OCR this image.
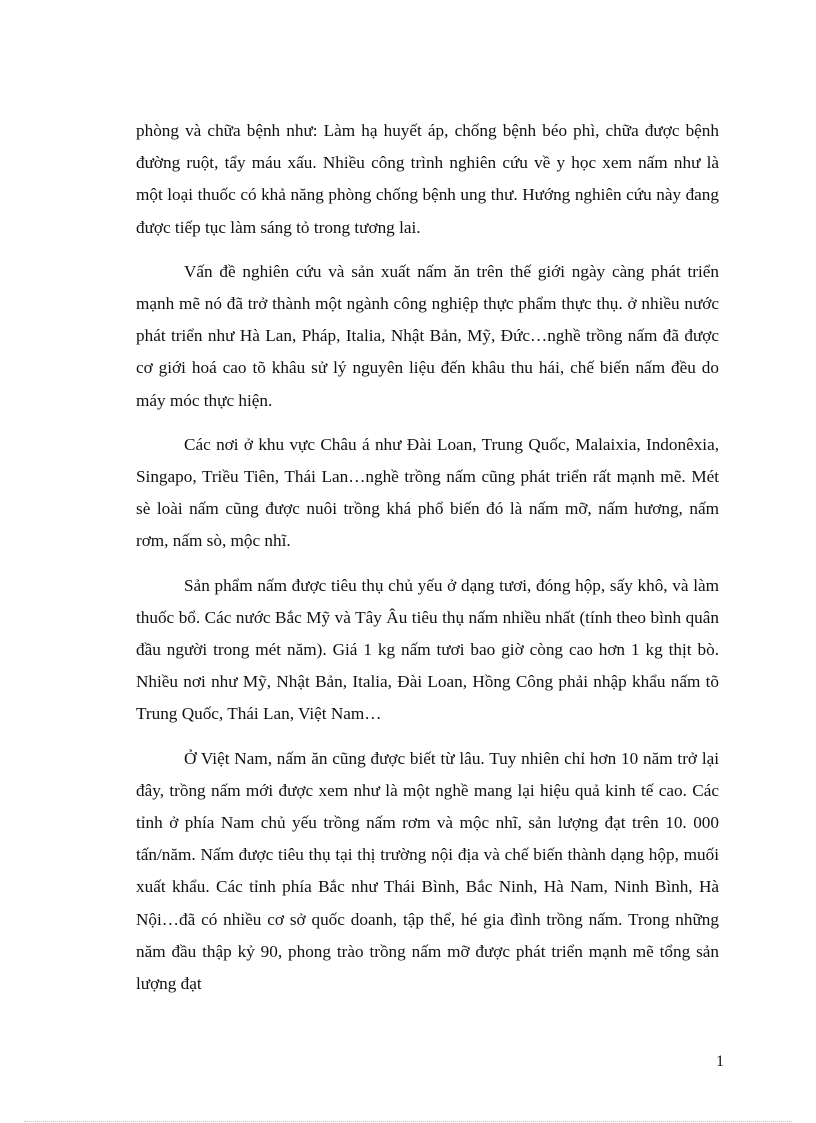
phòng và chữa bệnh như: Làm hạ huyết áp, chống bệnh béo phì, chữa được bệnh đường ruột, tẩy máu xấu. Nhiều công trình nghiên cứu về y học xem nấm như là một loại thuốc có khả năng phòng chống bệnh ung thư. Hướng nghiên cứu này đang được tiếp tục làm sáng tỏ trong tương lai.

Vấn đề nghiên cứu và sản xuất nấm ăn trên thế giới ngày càng phát triển mạnh mẽ nó đã trở thành một ngành công nghiệp thực phẩm thực thụ. ở nhiều nước phát triển như Hà Lan, Pháp, Italia, Nhật Bản, Mỹ, Đức…nghề trồng nấm đã được cơ giới hoá cao tõ khâu sử lý nguyên liệu đến khâu thu hái, chế biến nấm đều do máy móc thực hiện.

Các nơi ở khu vực Châu á như Đài Loan, Trung Quốc, Malaixia, Indonêxia, Singapo, Triều Tiên, Thái Lan…nghề trồng nấm cũng phát triển rất mạnh mẽ. Mét sè loài nấm cũng được nuôi trồng khá phổ biến đó là nấm mỡ, nấm hương, nấm rơm, nấm sò, mộc nhĩ.

Sản phẩm nấm được tiêu thụ chủ yếu ở dạng tươi, đóng hộp, sấy khô, và làm thuốc bổ. Các nước Bắc Mỹ và Tây Âu tiêu thụ nấm nhiều nhất (tính theo bình quân đầu người trong mét năm). Giá 1 kg nấm tươi bao giờ còng cao hơn 1 kg thịt bò. Nhiều nơi như Mỹ, Nhật Bản, Italia, Đài Loan, Hồng Công phải nhập khẩu nấm tõ Trung Quốc, Thái Lan, Việt Nam…

Ở Việt Nam, nấm ăn cũng được biết từ lâu. Tuy nhiên chỉ hơn 10 năm trở lại đây, trồng nấm mới được xem như là một nghề mang lại hiệu quả kinh tế cao. Các tỉnh ở phía Nam chủ yếu trồng nấm rơm và mộc nhĩ, sản lượng đạt trên 10. 000 tấn/năm. Nấm được tiêu thụ tại thị trường nội địa và chế biến thành dạng hộp, muối xuất khẩu. Các tỉnh phía Bắc như Thái Bình, Bắc Ninh, Hà Nam, Ninh Bình, Hà Nội…đã có nhiều cơ sở quốc doanh, tập thể, hé gia đình trồng nấm. Trong những năm đầu thập kỷ 90, phong trào trồng nấm mỡ được phát triển mạnh mẽ tổng sản lượng đạt

1
